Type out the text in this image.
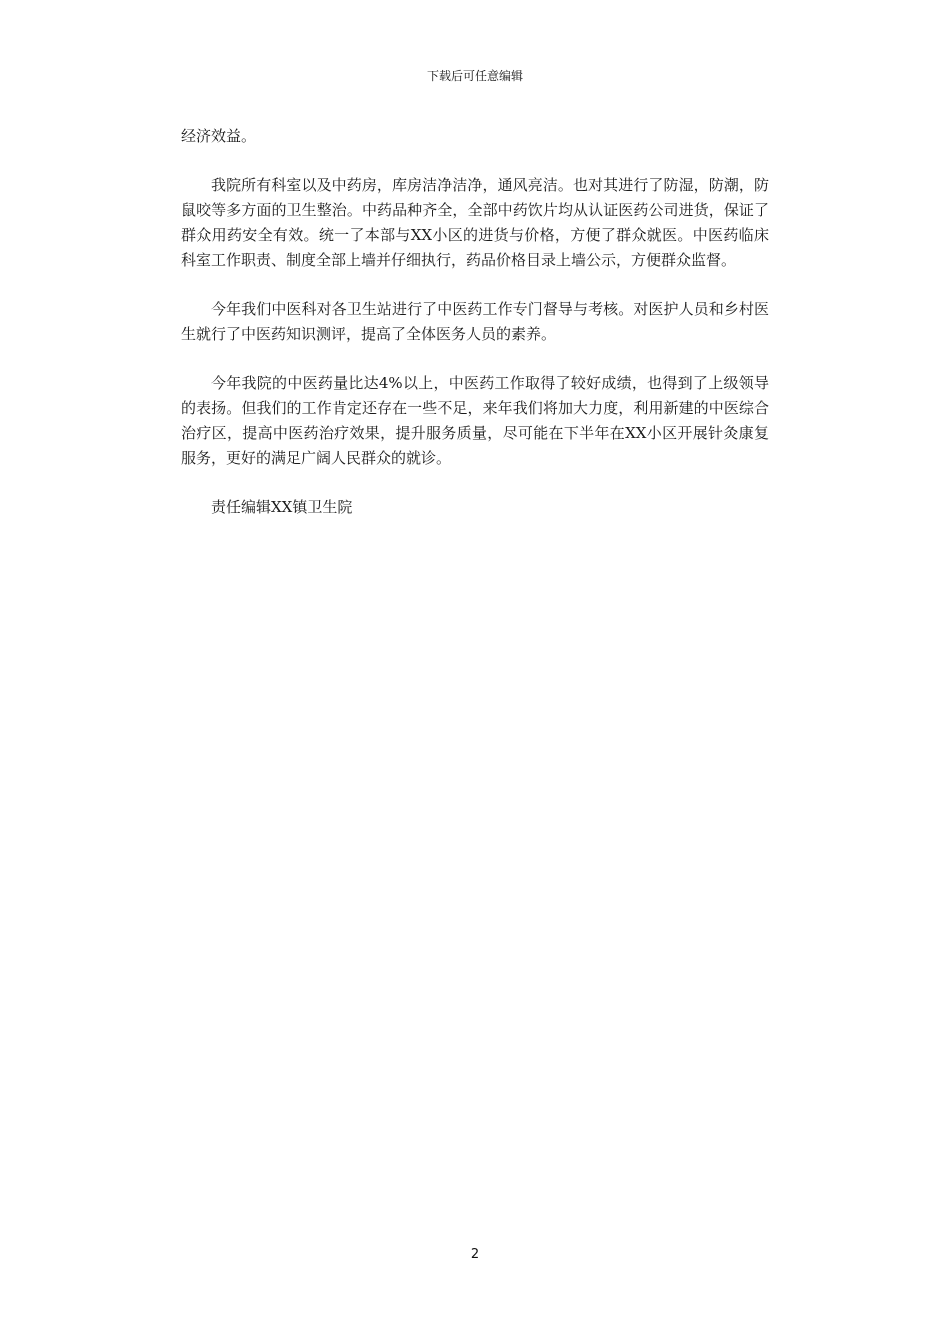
下载后可任意编辑

经济效益。

我院所有科室以及中药房，库房洁净洁净，通风亮洁。也对其进行了防湿，防潮，防鼠咬等多方面的卫生整治。中药品种齐全，全部中药饮片均从认证医药公司进货，保证了群众用药安全有效。统一了本部与XX小区的进货与价格，方便了群众就医。中医药临床科室工作职责、制度全部上墙并仔细执行，药品价格目录上墙公示，方便群众监督。

今年我们中医科对各卫生站进行了中医药工作专门督导与考核。对医护人员和乡村医生就行了中医药知识测评，提高了全体医务人员的素养。

今年我院的中医药量比达4%以上，中医药工作取得了较好成绩，也得到了上级领导的表扬。但我们的工作肯定还存在一些不足，来年我们将加大力度，利用新建的中医综合治疗区，提高中医药治疗效果，提升服务质量，尽可能在下半年在XX小区开展针灸康复服务，更好的满足广阔人民群众的就诊。

责任编辑XX镇卫生院

2
